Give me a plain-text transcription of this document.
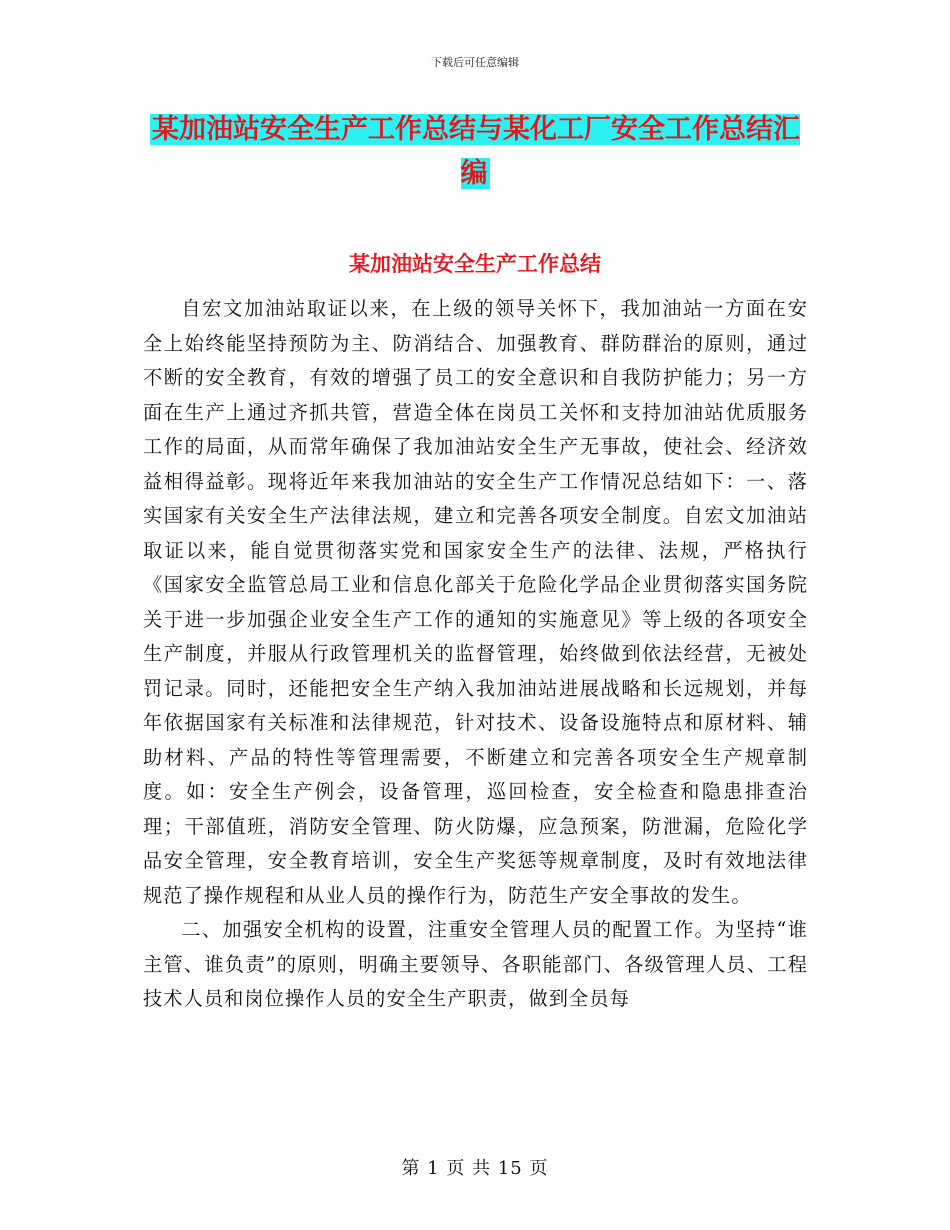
下载后可任意编辑
某加油站安全生产工作总结与某化工厂安全工作总结汇编
某加油站安全生产工作总结

自宏文加油站取证以来，在上级的领导关怀下，我加油站一方面在安全上始终能坚持预防为主、防消结合、加强教育、群防群治的原则，通过不断的安全教育，有效的增强了员工的安全意识和自我防护能力；另一方面在生产上通过齐抓共管，营造全体在岗员工关怀和支持加油站优质服务工作的局面，从而常年确保了我加油站安全生产无事故，使社会、经济效益相得益彰。现将近年来我加油站的安全生产工作情况总结如下：一、落实国家有关安全生产法律法规，建立和完善各项安全制度。自宏文加油站取证以来，能自觉贯彻落实党和国家安全生产的法律、法规，严格执行《国家安全监管总局工业和信息化部关于危险化学品企业贯彻落实国务院关于进一步加强企业安全生产工作的通知的实施意见》等上级的各项安全生产制度，并服从行政管理机关的监督管理，始终做到依法经营，无被处罚记录。同时，还能把安全生产纳入我加油站进展战略和长远规划，并每年依据国家有关标准和法律规范，针对技术、设备设施特点和原材料、辅助材料、产品的特性等管理需要，不断建立和完善各项安全生产规章制度。如：安全生产例会，设备管理，巡回检查，安全检查和隐患排查治理；干部值班，消防安全管理、防火防爆，应急预案，防泄漏，危险化学品安全管理，安全教育培训，安全生产奖惩等规章制度，及时有效地法律规范了操作规程和从业人员的操作行为，防范生产安全事故的发生。

二、加强安全机构的设置，注重安全管理人员的配置工作。为坚持“谁主管、谁负责”的原则，明确主要领导、各职能部门、各级管理人员、工程技术人员和岗位操作人员的安全生产职责，做到全员每

第 1 页 共 15 页
